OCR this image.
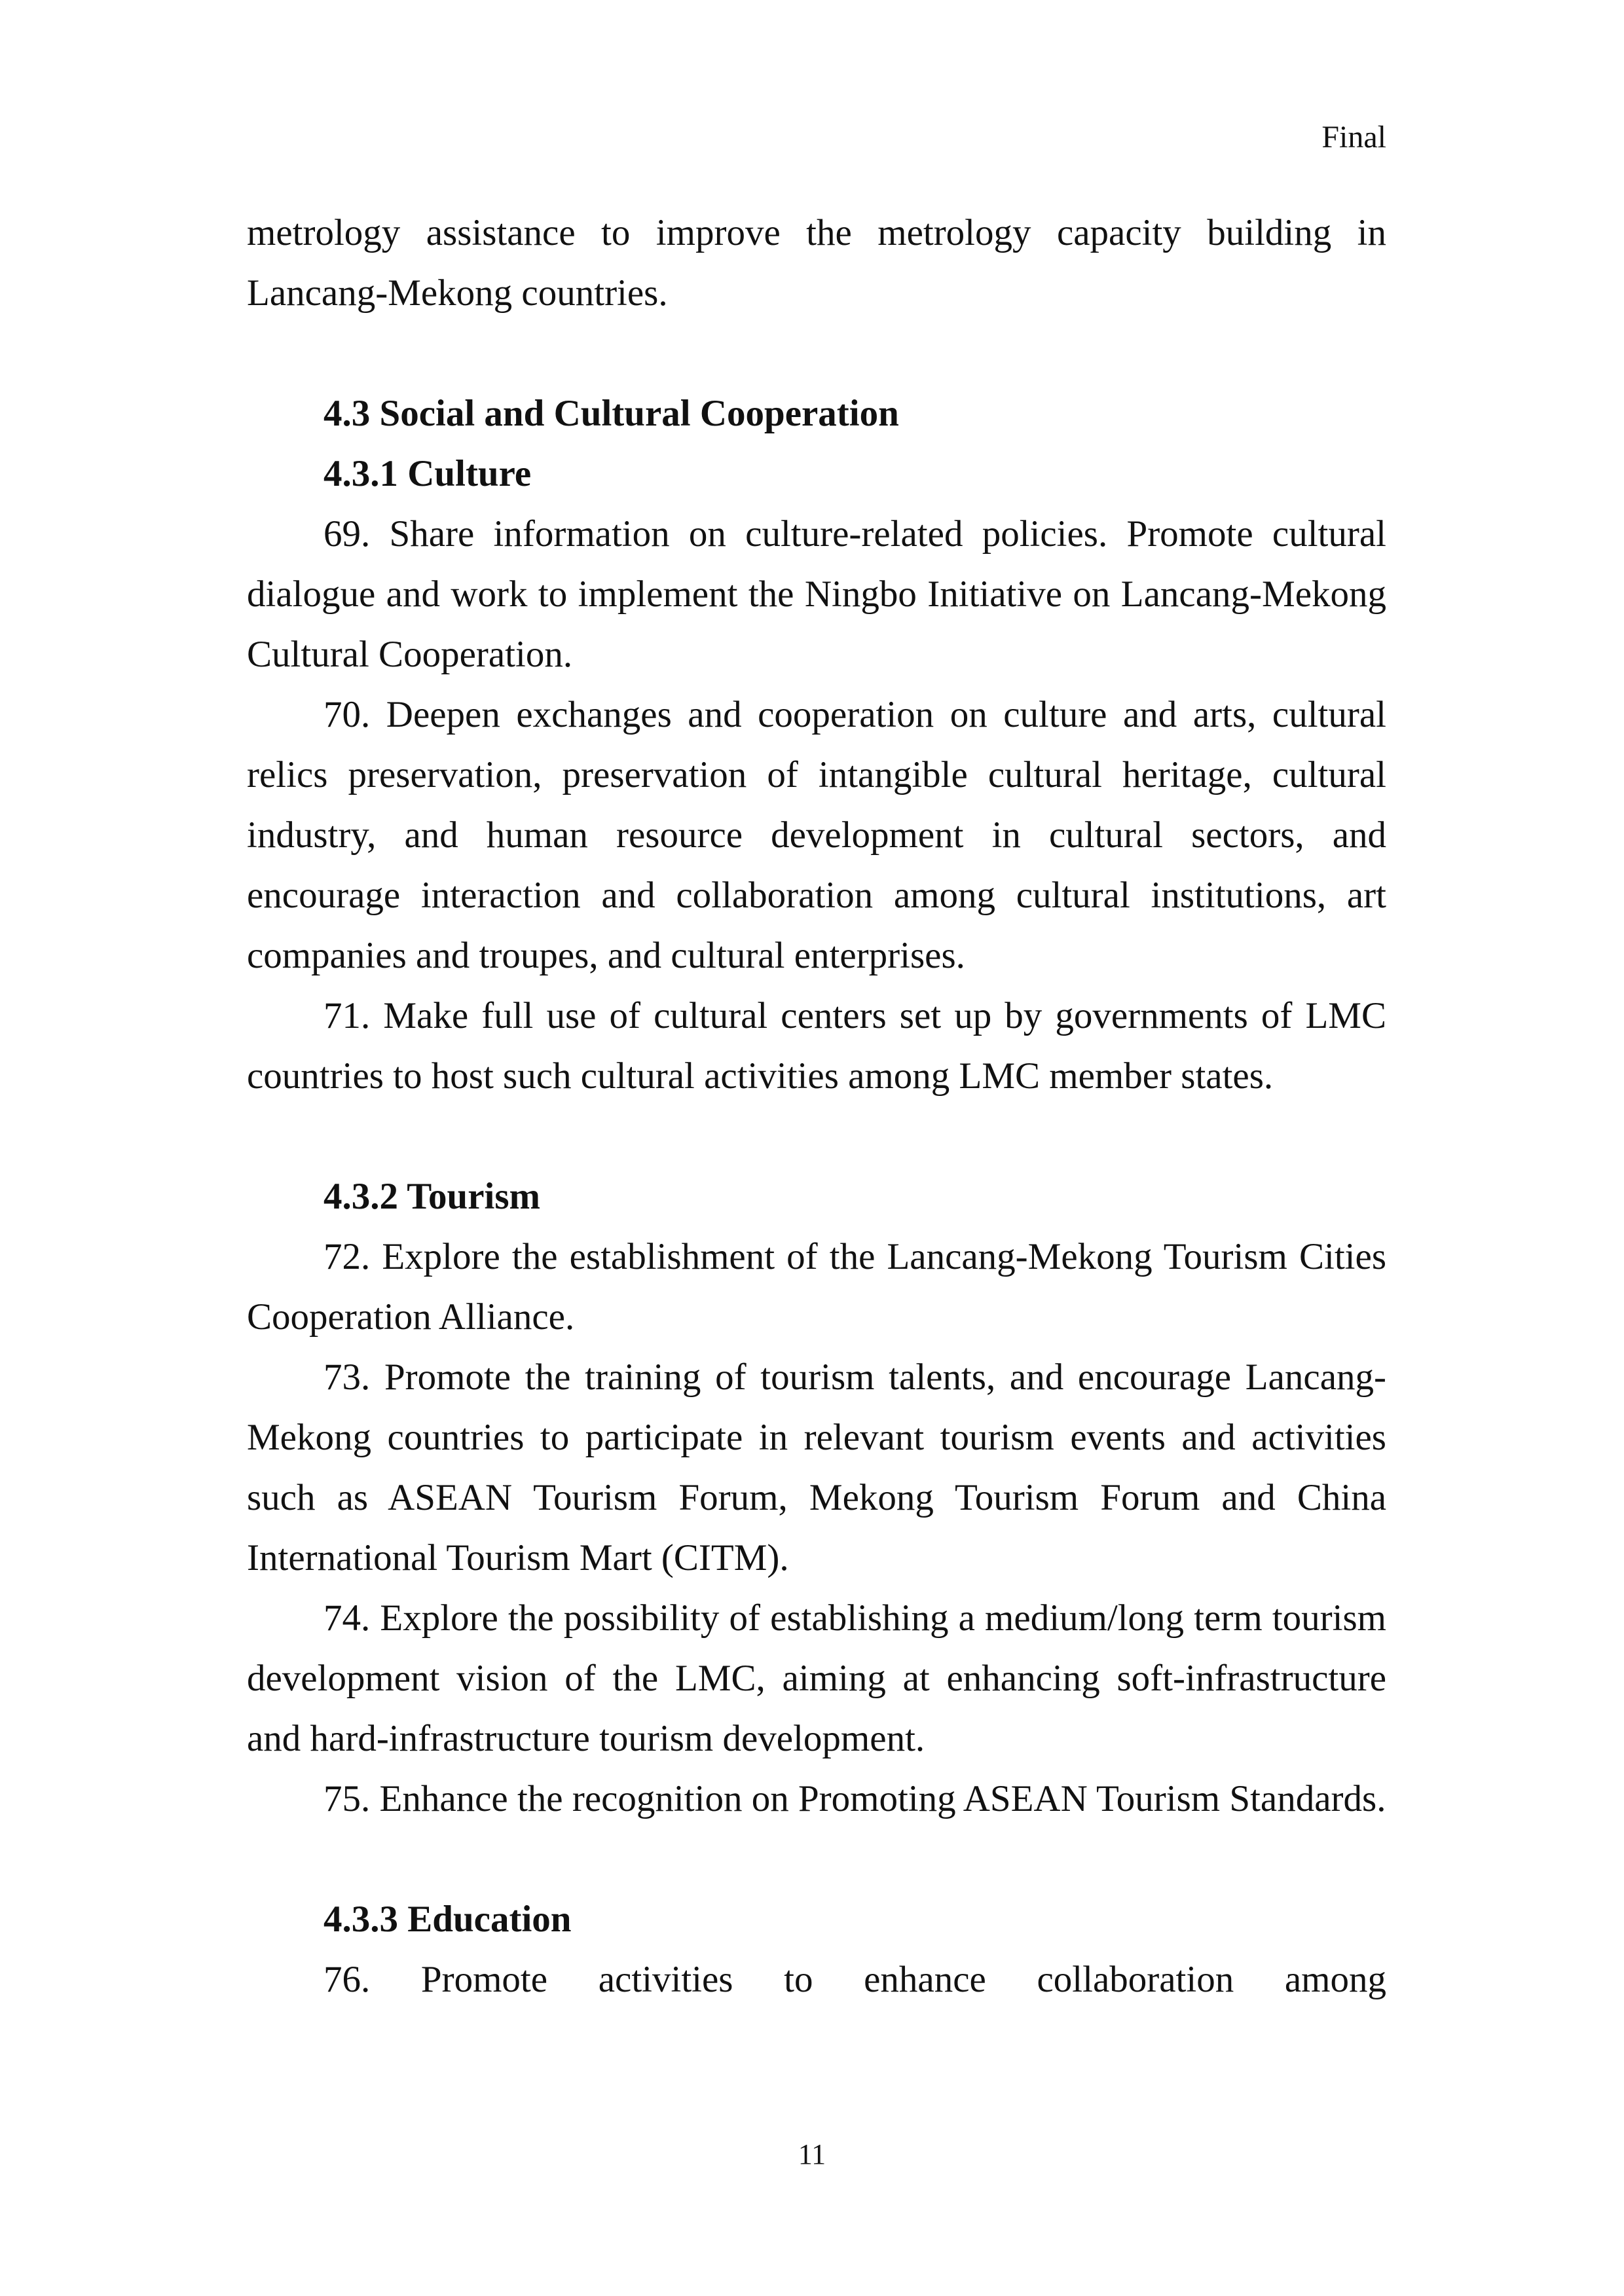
Final

metrology assistance to improve the metrology capacity building in Lancang-Mekong countries.

4.3 Social and Cultural Cooperation

4.3.1 Culture

69. Share information on culture-related policies. Promote cultural dialogue and work to implement the Ningbo Initiative on Lancang-Mekong Cultural Cooperation.

70. Deepen exchanges and cooperation on culture and arts, cultural relics preservation, preservation of intangible cultural heritage, cultural industry, and human resource development in cultural sectors, and encourage interaction and collaboration among cultural institutions, art companies and troupes, and cultural enterprises.

71. Make full use of cultural centers set up by governments of LMC countries to host such cultural activities among LMC member states.

4.3.2 Tourism

72. Explore the establishment of the Lancang-Mekong Tourism Cities Cooperation Alliance.

73. Promote the training of tourism talents, and encourage Lancang-Mekong countries to participate in relevant tourism events and activities such as ASEAN Tourism Forum, Mekong Tourism Forum and China International Tourism Mart (CITM).

74. Explore the possibility of establishing a medium/long term tourism development vision of the LMC, aiming at enhancing soft-infrastructure and hard-infrastructure tourism development.

75. Enhance the recognition on Promoting ASEAN Tourism Standards.

4.3.3 Education

76. Promote activities to enhance collaboration among

11
